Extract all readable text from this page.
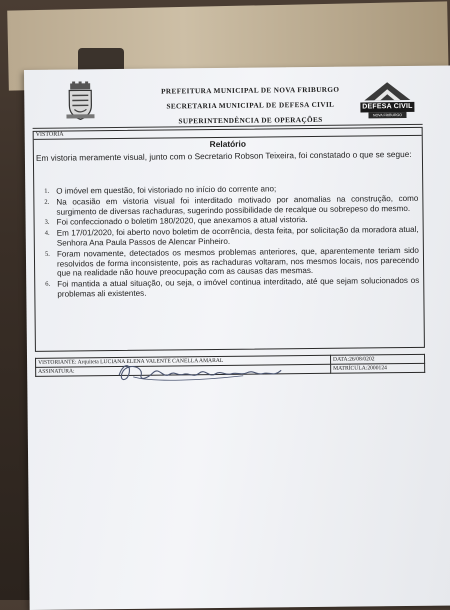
PREFEITURA MUNICIPAL DE NOVA FRIBURGO
SECRETARIA MUNICIPAL DE DEFESA CIVIL
SUPERINTENDÊNCIA DE OPERAÇÕES
DEFESA CIVIL
NOVA FRIBURGO
VISTORIA
Relatório
Em vistoria meramente visual, junto com o Secretario Robson Teixeira, foi constatado o que se segue:
1. O imóvel em questão, foi vistoriado no início do corrente ano;
2. Na ocasião em vistoria visual foi interditado motivado por anomalias na construção, como surgimento de diversas rachaduras, sugerindo possibilidade de recalque ou sobrepeso do mesmo.
3. Foi confeccionado o boletim 180/2020, que anexamos a atual vistoria.
4. Em 17/01/2020, foi aberto novo boletim de ocorrência, desta feita, por solicitação da moradora atual, Senhora Ana Paula Passos de Alencar Pinheiro.
5. Foram novamente, detectados os mesmos problemas anteriores, que, aparentemente teriam sido resolvidos de forma inconsistente, pois as rachaduras voltaram, nos mesmos locais, nos parecendo que na realidade não houve preocupação com as causas das mesmas.
6. Foi mantida a atual situação, ou seja, o imóvel continua interditado, até que sejam solucionados os problemas ali existentes.
VISTORIANTE: Arquiteta LUCIANA ELENA VALENTE CANELLA AMARAL	DATA:26/08/0202
ASSINATURA:	MATRÍCULA:2000124
